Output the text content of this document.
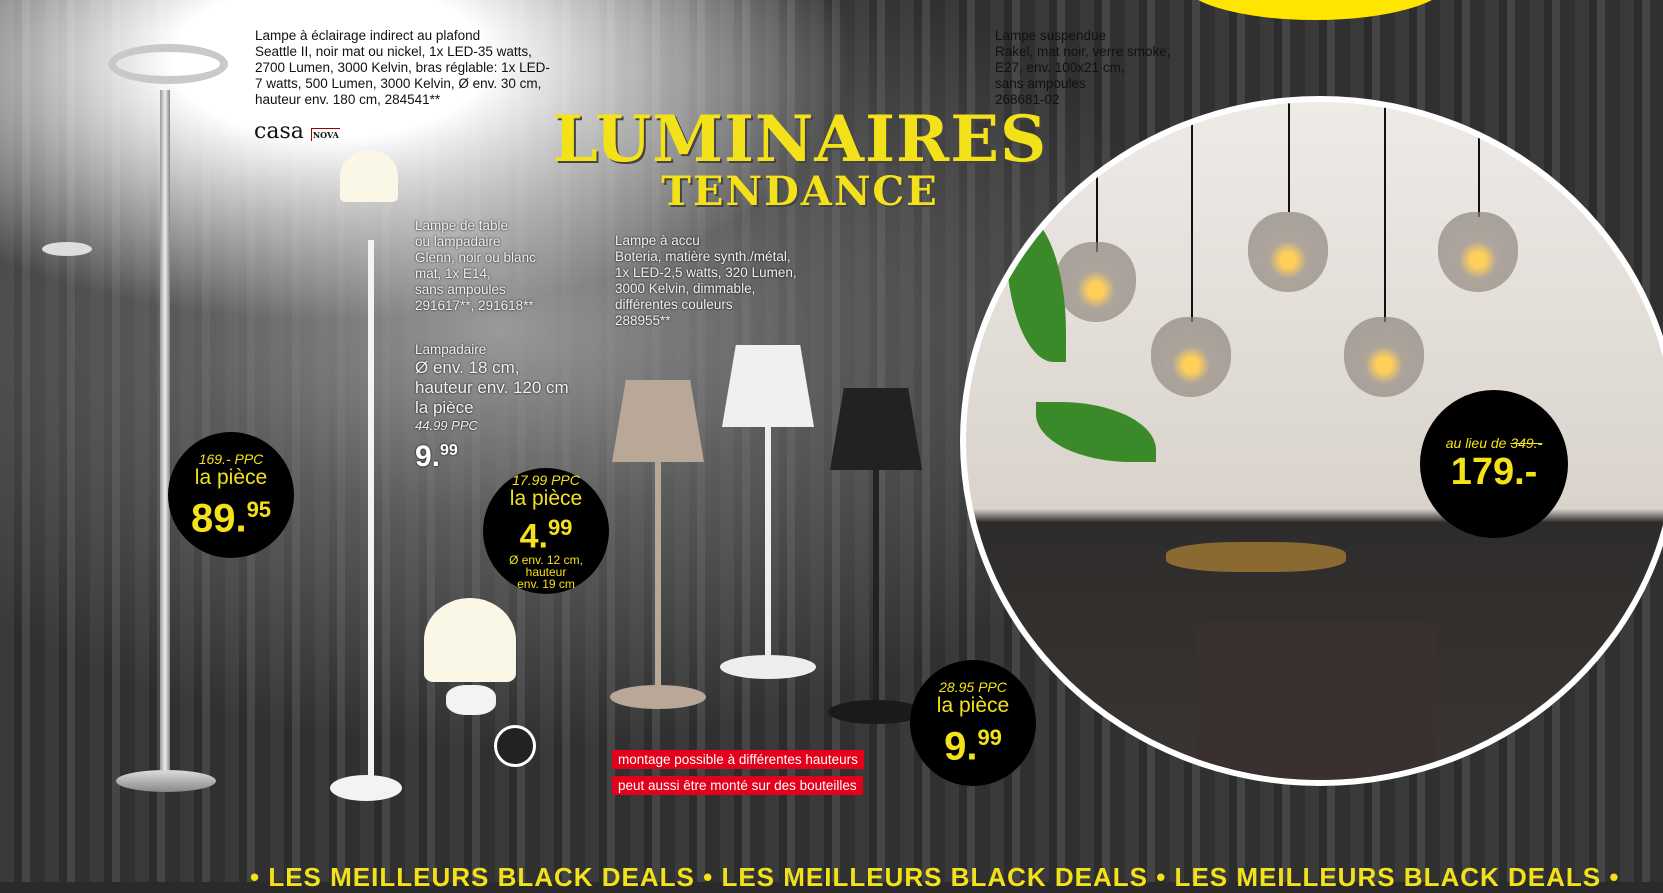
Lampe à éclairage indirect au plafond
Seattle II, noir mat ou nickel, 1x LED-35 watts,
2700 Lumen, 3000 Kelvin, bras réglable: 1x LED-
7 watts, 500 Lumen, 3000 Kelvin, Ø env. 30 cm,
hauteur env. 180 cm, 284541**
casa NOVA	LUMINAIRES
TENDANCE
Lampe de table
ou lampadaire
Glenn, noir ou blanc
mat, 1x E14,
sans ampoules
291617**, 291618**
Lampadaire
Ø env. 18 cm,
hauteur env. 120 cm
la pièce
44.99 PPC
9.99
Lampe à accu
Boteria, matière synth./métal,
1x LED-2,5 watts, 320 Lumen,
3000 Kelvin, dimmable,
différentes couleurs
288955**
Lampe suspendue
Rakel, mat noir, verre smoke,
E27, env. 100x21 cm,
sans ampoules
268681-02
169.- PPC
la pièce
89.95
17.99 PPC
la pièce
4.99
Ø env. 12 cm,
hauteur
env. 19 cm
28.95 PPC
la pièce
9.99
au lieu de 349.-
179.-
montage possible à différentes hauteurs
peut aussi être monté sur des bouteilles
• LES MEILLEURS BLACK DEALS • LES MEILLEURS BLACK DEALS • LES MEILLEURS BLACK DEALS •
